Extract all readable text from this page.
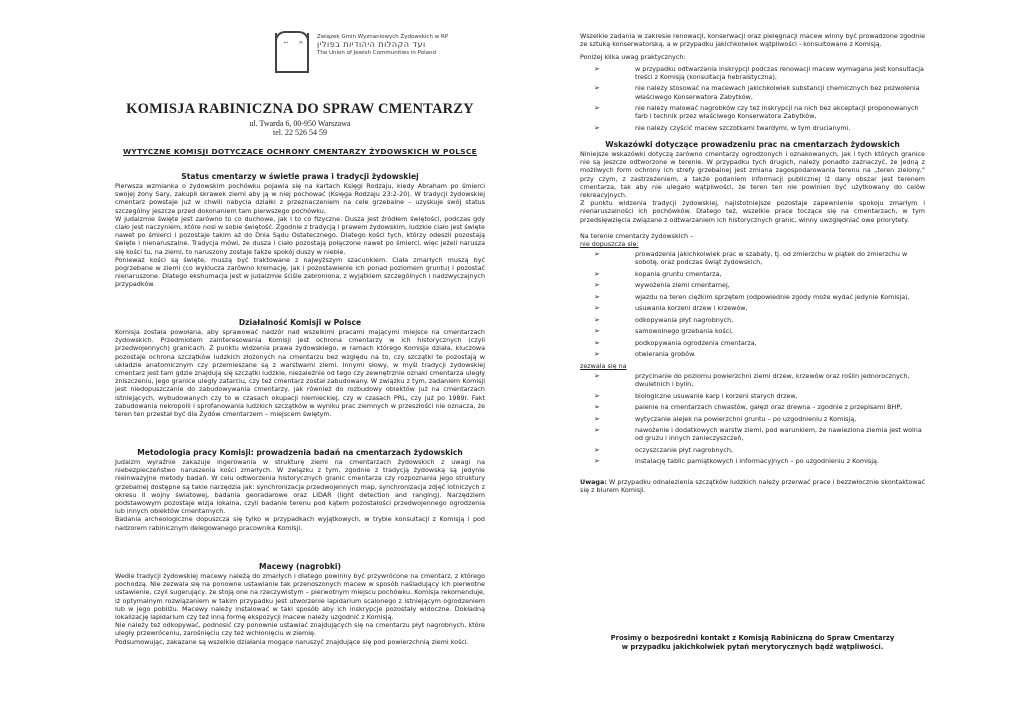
I R
Związek Gmin Wyznaniowych Żydowskich w RP
ועד הקהלות היהודיות בפולין
The Union of Jewish Communities in Poland
KOMISJA RABINICZNA DO SPRAW CMENTARZY
ul. Twarda 6, 00-950 Warszawa
tel. 22 526 54 59
WYTYCZNE KOMISJI DOTYCZĄCE OCHRONY CMENTARZY ŻYDOWSKICH W POLSCE

Status cmentarzy w świetle prawa i tradycji żydowskiej

Pierwsza wzmianka o żydowskim pochówku pojawia się na kartach Księgi Rodzaju, kiedy Abraham po śmierci swojej żony Sary, zakupił skrawek ziemi aby ją w niej pochować (Księga Rodzaju 23:2-20). W tradycji żydowskiej cmentarz powstaje już w chwili nabycia działki z przeznaczeniem na cele grzebalne – uzyskuje swój status szczególny jeszcze przed dokonaniem tam pierwszego pochówku.

W judaizmie święte jest zarówno to co duchowe, jak i to co fizyczne. Dusza jest źródłem świętości, podczas gdy ciało jest naczyniem, które nosi w sobie świętość. Zgodnie z tradycją i prawem żydowskim, ludzkie ciało jest święte nawet po śmierci i pozostaje takim aż do Dnia Sądu Ostatecznego. Dlatego kości tych, którzy odeszli pozostają święte i nienaruszalne. Tradycja mówi, że dusza i ciało pozostają połączone nawet po śmierci, więc jeżeli narusza się kości tu, na ziemi, to naruszony zostaje także spokój duszy w niebie.

Ponieważ kości są święte, muszą być traktowane z najwyższym szacunkiem. Ciała zmarłych muszą być pogrzebane w ziemi (co wyklucza zarówno kremację, jak i pozostawienie ich ponad poziomem gruntu) i pozostać nienaruszone. Dlatego ekshumacja jest w judaizmie ściśle zabroniona, z wyjątkiem szczególnych i nadzwyczajnych przypadków.

Działalność Komisji w Polsce

Komisja została powołana, aby sprawować nadzór nad wszelkimi pracami mającymi miejsce na cmentarzach żydowskich. Przedmiotem zainteresowania Komisji jest ochrona cmentarzy w ich historycznych (czyli przedwojennych) granicach. Z punktu widzenia prawa żydowskiego, w ramach którego Komisja działa, kluczowa pozostaje ochrona szczątków ludzkich złożonych na cmentarzu bez względu na to, czy szczątki te pozostają w układzie anatomicznym czy przemieszane są z warstwami ziemi. Innymi słowy, w myśl tradycji żydowskiej cmentarz jest tam gdzie znajdują się szczątki ludzkie, niezależnie od tego czy zewnętrznie oznaki cmentarza uległy zniszczeniu, jego granice uległy zatarciu, czy też cmentarz został zabudowany. W związku z tym, zadaniem Komisji jest niedopuszczanie do zabudowywania cmentarzy, jak również do rozbudowy obiektów już na cmentarzach istniejących, wybudowanych czy to w czasach okupacji niemieckiej, czy w czasach PRL, czy już po 1989r. Fakt zabudowania nekropolii i sprofanowania ludzkich szczątków w wyniku prac ziemnych w przeszłości nie oznacza, że teren ten przestał być dla Żydów cmentarzem – miejscem świętym.

Metodologia pracy Komisji: prowadzenia badań na cmentarzach żydowskich

Judaizm wyraźnie zakazuje ingerowania w strukturę ziemi na cmentarzach żydowskich z uwagi na niebezpieczeństwo naruszenia kości zmarłych. W związku z tym, zgodnie z tradycją żydowską są jedynie nieinwazyjne metody badań. W celu odtworzenia historycznych granic cmentarza czy rozpoznania jego struktury grzebalnej dostępne są takie narzędzia jak: synchronizacja przedwojennych map, synchronizacja zdjęć lotniczych z okresu II wojny światowej, badania georadarowe oraz LIDAR (light detection and ranging). Narzędziem podstawowym pozostaje wizja lokalna, czyli badanie terenu pod kątem pozostałości przedwojennego ogrodzenia lub innych obiektów cmentarnych.

Badania archeologiczne dopuszcza się tylko w przypadkach wyjątkowych, w trybie konsultacji z Komisją i pod nadzorem rabinicznym delegowanego pracownika Komisji.

Macewy (nagrobki)

Wedle tradycji żydowskiej macewy należą do zmarłych i dlatego powinny być przywrócone na cmentarz, z którego pochodzą. Nie zezwala się na ponowne ustawianie tak przenoszonych macew w sposób naśladujący ich pierwotne ustawienie, czyli sugerujący, że stoją one na rzeczywistym – pierwotnym miejscu pochówku. Komisja rekomenduje, iż optymalnym rozwiązaniem w takim przypadku jest utworzenie lapidarium scalonego z istniejącym ogrodzeniem lub w jego pobliżu. Macewy należy instalować w taki sposób aby ich inskrypcje pozostały widoczne. Dokładną lokalizację lapidarium czy też inną formę ekspozycji macew należy uzgodnić z Komisją.

Nie należy też odkopywać, podnosić czy ponownie ustawiać znajdujących się na cmentarzu płyt nagrobnych, które uległy przewróceniu, zarośnięciu czy też wchłonięciu w ziemię.

Podsumowując, zakazane są wszelkie działania mogące naruszyć znajdujące się pod powierzchnią ziemi kości.

Wszelkie zadania w zakresie renowacji, konserwacji oraz pielęgnacji macew winny być prowadzone zgodnie ze sztuką konserwatorską, a w przypadku jakichkolwiek wątpliwości - konsultowane z Komisją.

Poniżej kilka uwag praktycznych:

➢ w przypadku odtwarzania inskrypcji podczas renowacji macew wymagana jest konsultacja treści z Komisją (konsultacja hebraistyczna),
➢ nie należy stosować na macewach jakichkolwiek substancji chemicznych bez pozwolenia właściwego Konserwatora Zabytków,
➢ nie należy malować nagrobków czy też inskrypcji na nich bez akceptacji proponowanych farb i technik przez właściwego Konserwatora Zabytków,
➢ nie należy czyścić macew szczotkami twardymi, w tym drucianymi.

Wskazówki dotyczące prowadzeniu prac na cmentarzach żydowskich

Niniejsze wskazówki dotyczą zarówno cmentarzy ogrodzonych i oznakowanych, jak i tych których granice nie są jeszcze odtworzone w terenie. W przypadku tych drugich, należy ponadto zaznaczyć, że jedną z możliwych form ochrony ich strefy grzebalnej jest zmiana zagospodarowania terenu na „teren zielony," przy czym, z zastrzeżeniem, a także podaniem informacji publicznej iż dany obszar jest terenem cmentarza, tak aby nie ulegało wątpliwości, że teren ten nie powinien być użytkowany do celów rekreacyjnych.

Z punktu widzenia tradycji żydowskiej, najistotniejsze pozostaje zapewnienie spokoju zmarłym i nienaruszalności ich pochówków. Dlatego też, wszelkie prace toczące się na cmentarzach, w tym przedsięwzięcia związane z odtwarzaniem ich historycznych granic, winny uwzględniać owe priorytety.

Na terenie cmentarzy żydowskich –

nie dopuszcza się:

➢ prowadzenia jakichkolwiek prac w szabaty, tj. od zmierzchu w piątek do zmierzchu w sobotę, oraz podczas świąt żydowskich,
➢ kopania gruntu cmentarza,
➢ wywożenia ziemi cmentarnej,
➢ wjazdu na teren ciężkim sprzętem (odpowiednie zgody może wydać jedynie Komisja),
➢ usuwania korzeni drzew i krzewów,
➢ odkopywania płyt nagrobnych,
➢ samowolnego grzebania kości,
➢ podkopywania ogrodzenia cmentarza,
➢ otwierania grobów.

zezwala się na

➢ przycinanie do poziomu powierzchni ziemi drzew, krzewów oraz roślin jednorocznych, dwuletnich i bylin,
➢ biologiczne usuwanie karp i korzeni starych drzew,
➢ palenie na cmentarzach chwastów, gałęzi oraz drewna – zgodnie z przepisami BHP,
➢ wytyczanie alejek na powierzchni gruntu – po uzgodnieniu z Komisją,
➢ nawożenie i dodatkowych warstw ziemi, pod warunkiem, że nawieziona ziemia jest wolna od gruzu i innych zanieczyszczeń,
➢ oczyszczanie płyt nagrobnych,
➢ instalację tablic pamiątkowych i informacyjnych – po uzgodnieniu z Komisją.

Uwaga: W przypadku odnalezienia szczątków ludzkich należy przerwać prace i bezzwłocznie skontaktować się z biurem Komisji.

Prosimy o bezpośredni kontakt z Komisją Rabiniczną do Spraw Cmentarzy
w przypadku jakichkolwiek pytań merytorycznych bądź wątpliwości.
